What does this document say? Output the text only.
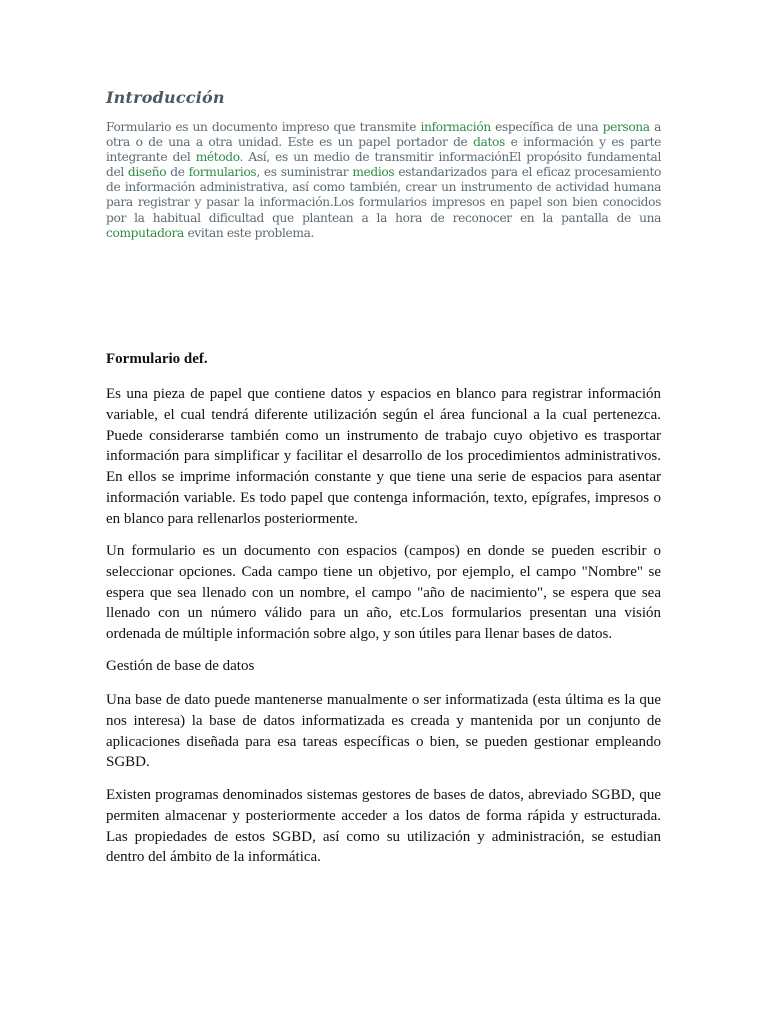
Introducción

Formulario es un documento impreso que transmite información específica de una persona a otra o de una a otra unidad. Este es un papel portador de datos e información y es parte integrante del método. Así, es un medio de transmitir informaciónEl propósito fundamental del diseño de formularios, es suministrar medios estandarizados para el eficaz procesamiento de información administrativa, así como también, crear un instrumento de actividad humana para registrar y pasar la información.Los formularios impresos en papel son bien conocidos por la habitual dificultad que plantean a la hora de reconocer en la pantalla de una computadora evitan este problema.

Formulario def.

Es una pieza de papel que contiene datos y espacios en blanco para registrar información variable, el cual tendrá diferente utilización según el área funcional a la cual pertenezca. Puede considerarse también como un instrumento de trabajo cuyo objetivo es trasportar información para simplificar y facilitar el desarrollo de los procedimientos administrativos. En ellos se imprime información constante y que tiene una serie de espacios para asentar información variable. Es todo papel que contenga información, texto, epígrafes, impresos o en blanco para rellenarlos posteriormente.

Un formulario es un documento con espacios (campos) en donde se pueden escribir o seleccionar opciones. Cada campo tiene un objetivo, por ejemplo, el campo "Nombre" se espera que sea llenado con un nombre, el campo "año de nacimiento", se espera que sea llenado con un número válido para un año, etc.Los formularios presentan una visión ordenada de múltiple información sobre algo, y son útiles para llenar bases de datos.

Gestión de base de datos

Una base de dato puede mantenerse manualmente o ser informatizada (esta última es la que nos interesa) la base de datos informatizada es creada y mantenida por un conjunto de aplicaciones diseñada para esa tareas específicas o bien, se pueden gestionar empleando SGBD.

Existen programas denominados sistemas gestores de bases de datos, abreviado SGBD, que permiten almacenar y posteriormente acceder a los datos de forma rápida y estructurada. Las propiedades de estos SGBD, así como su utilización y administración, se estudian dentro del ámbito de la informática.
